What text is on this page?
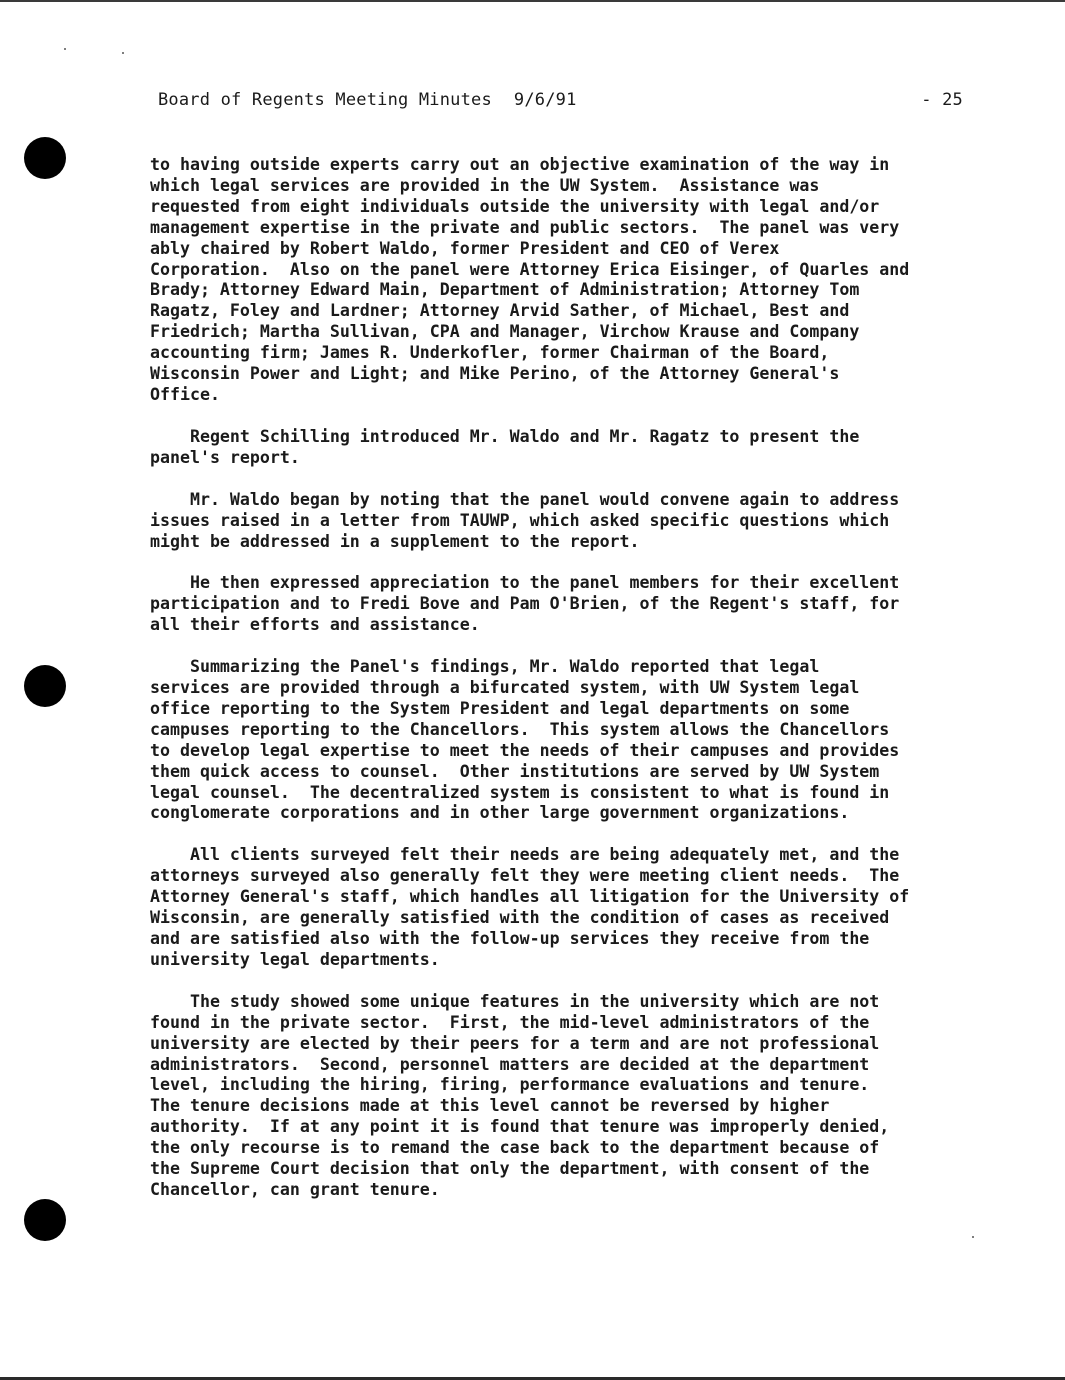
Board of Regents Meeting Minutes 9/6/91	- 25
to having outside experts carry out an objective examination of the way in
which legal services are provided in the UW System.  Assistance was
requested from eight individuals outside the university with legal and/or
management expertise in the private and public sectors.  The panel was very
ably chaired by Robert Waldo, former President and CEO of Verex
Corporation.  Also on the panel were Attorney Erica Eisinger, of Quarles and
Brady; Attorney Edward Main, Department of Administration; Attorney Tom
Ragatz, Foley and Lardner; Attorney Arvid Sather, of Michael, Best and
Friedrich; Martha Sullivan, CPA and Manager, Virchow Krause and Company
accounting firm; James R. Underkofler, former Chairman of the Board,
Wisconsin Power and Light; and Mike Perino, of the Attorney General's
Office.
Regent Schilling introduced Mr. Waldo and Mr. Ragatz to present the
panel's report.
Mr. Waldo began by noting that the panel would convene again to address
issues raised in a letter from TAUWP, which asked specific questions which
might be addressed in a supplement to the report.
He then expressed appreciation to the panel members for their excellent
participation and to Fredi Bove and Pam O'Brien, of the Regent's staff, for
all their efforts and assistance.
Summarizing the Panel's findings, Mr. Waldo reported that legal
services are provided through a bifurcated system, with UW System legal
office reporting to the System President and legal departments on some
campuses reporting to the Chancellors.  This system allows the Chancellors
to develop legal expertise to meet the needs of their campuses and provides
them quick access to counsel.  Other institutions are served by UW System
legal counsel.  The decentralized system is consistent to what is found in
conglomerate corporations and in other large government organizations.
All clients surveyed felt their needs are being adequately met, and the
attorneys surveyed also generally felt they were meeting client needs.  The
Attorney General's staff, which handles all litigation for the University of
Wisconsin, are generally satisfied with the condition of cases as received
and are satisfied also with the follow-up services they receive from the
university legal departments.
The study showed some unique features in the university which are not
found in the private sector.  First, the mid-level administrators of the
university are elected by their peers for a term and are not professional
administrators.  Second, personnel matters are decided at the department
level, including the hiring, firing, performance evaluations and tenure.
The tenure decisions made at this level cannot be reversed by higher
authority.  If at any point it is found that tenure was improperly denied,
the only recourse is to remand the case back to the department because of
the Supreme Court decision that only the department, with consent of the
Chancellor, can grant tenure.
